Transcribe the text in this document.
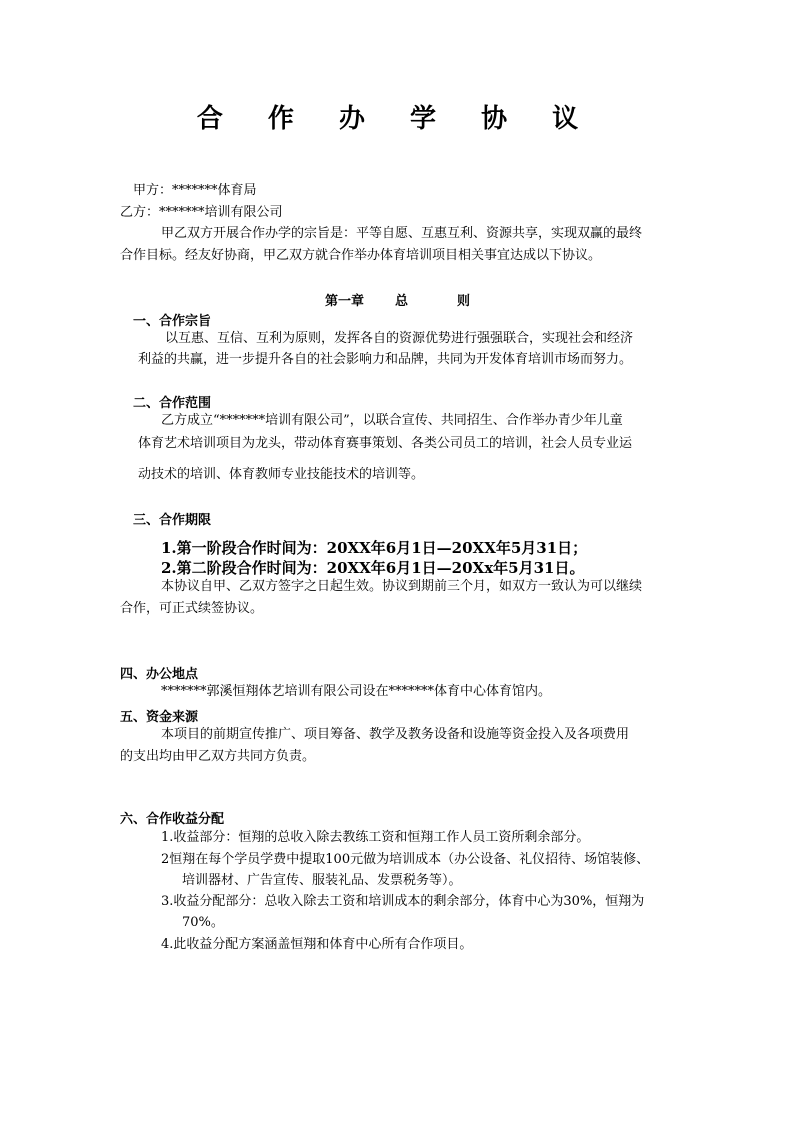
合 作 办 学 协 议
甲方：*******体育局
乙方：*******培训有限公司
甲乙双方开展合作办学的宗旨是：平等自愿、互惠互利、资源共享，实现双赢的最终
合作目标。经友好协商，甲乙双方就合作举办体育培训项目相关事宜达成以下协议。
第一章 总	则
一、合作宗旨
以互惠、互信、互利为原则，发挥各自的资源优势进行强强联合，实现社会和经济
利益的共赢，进一步提升各自的社会影响力和品牌，共同为开发体育培训市场而努力。
二、合作范围
乙方成立“*******培训有限公司”，以联合宣传、共同招生、合作举办青少年儿童
体育艺术培训项目为龙头，带动体育赛事策划、各类公司员工的培训，社会人员专业运
动技术的培训、体育教师专业技能技术的培训等。
三、合作期限
1.第一阶段合作时间为：20XX年6月1日—20XX年5月31日；
2.第二阶段合作时间为：20XX年6月1日—20Xx年5月31日。
本协议自甲、乙双方签字之日起生效。协议到期前三个月，如双方一致认为可以继续
合作，可正式续签协议。
四、办公地点
*******郭溪恒翔体艺培训有限公司设在*******体育中心体育馆内。
五、资金来源
本项目的前期宣传推广、项目筹备、教学及教务设备和设施等资金投入及各项费用
的支出均由甲乙双方共同方负责。
六、合作收益分配
1.收益部分：恒翔的总收入除去教练工资和恒翔工作人员工资所剩余部分。
2恒翔在每个学员学费中提取100元做为培训成本（办公设备、礼仪招待、场馆装修、
培训器材、广告宣传、服装礼品、发票税务等）。
3.收益分配部分：总收入除去工资和培训成本的剩余部分，体育中心为30%，恒翔为
70%。
4.此收益分配方案涵盖恒翔和体育中心所有合作项目。
